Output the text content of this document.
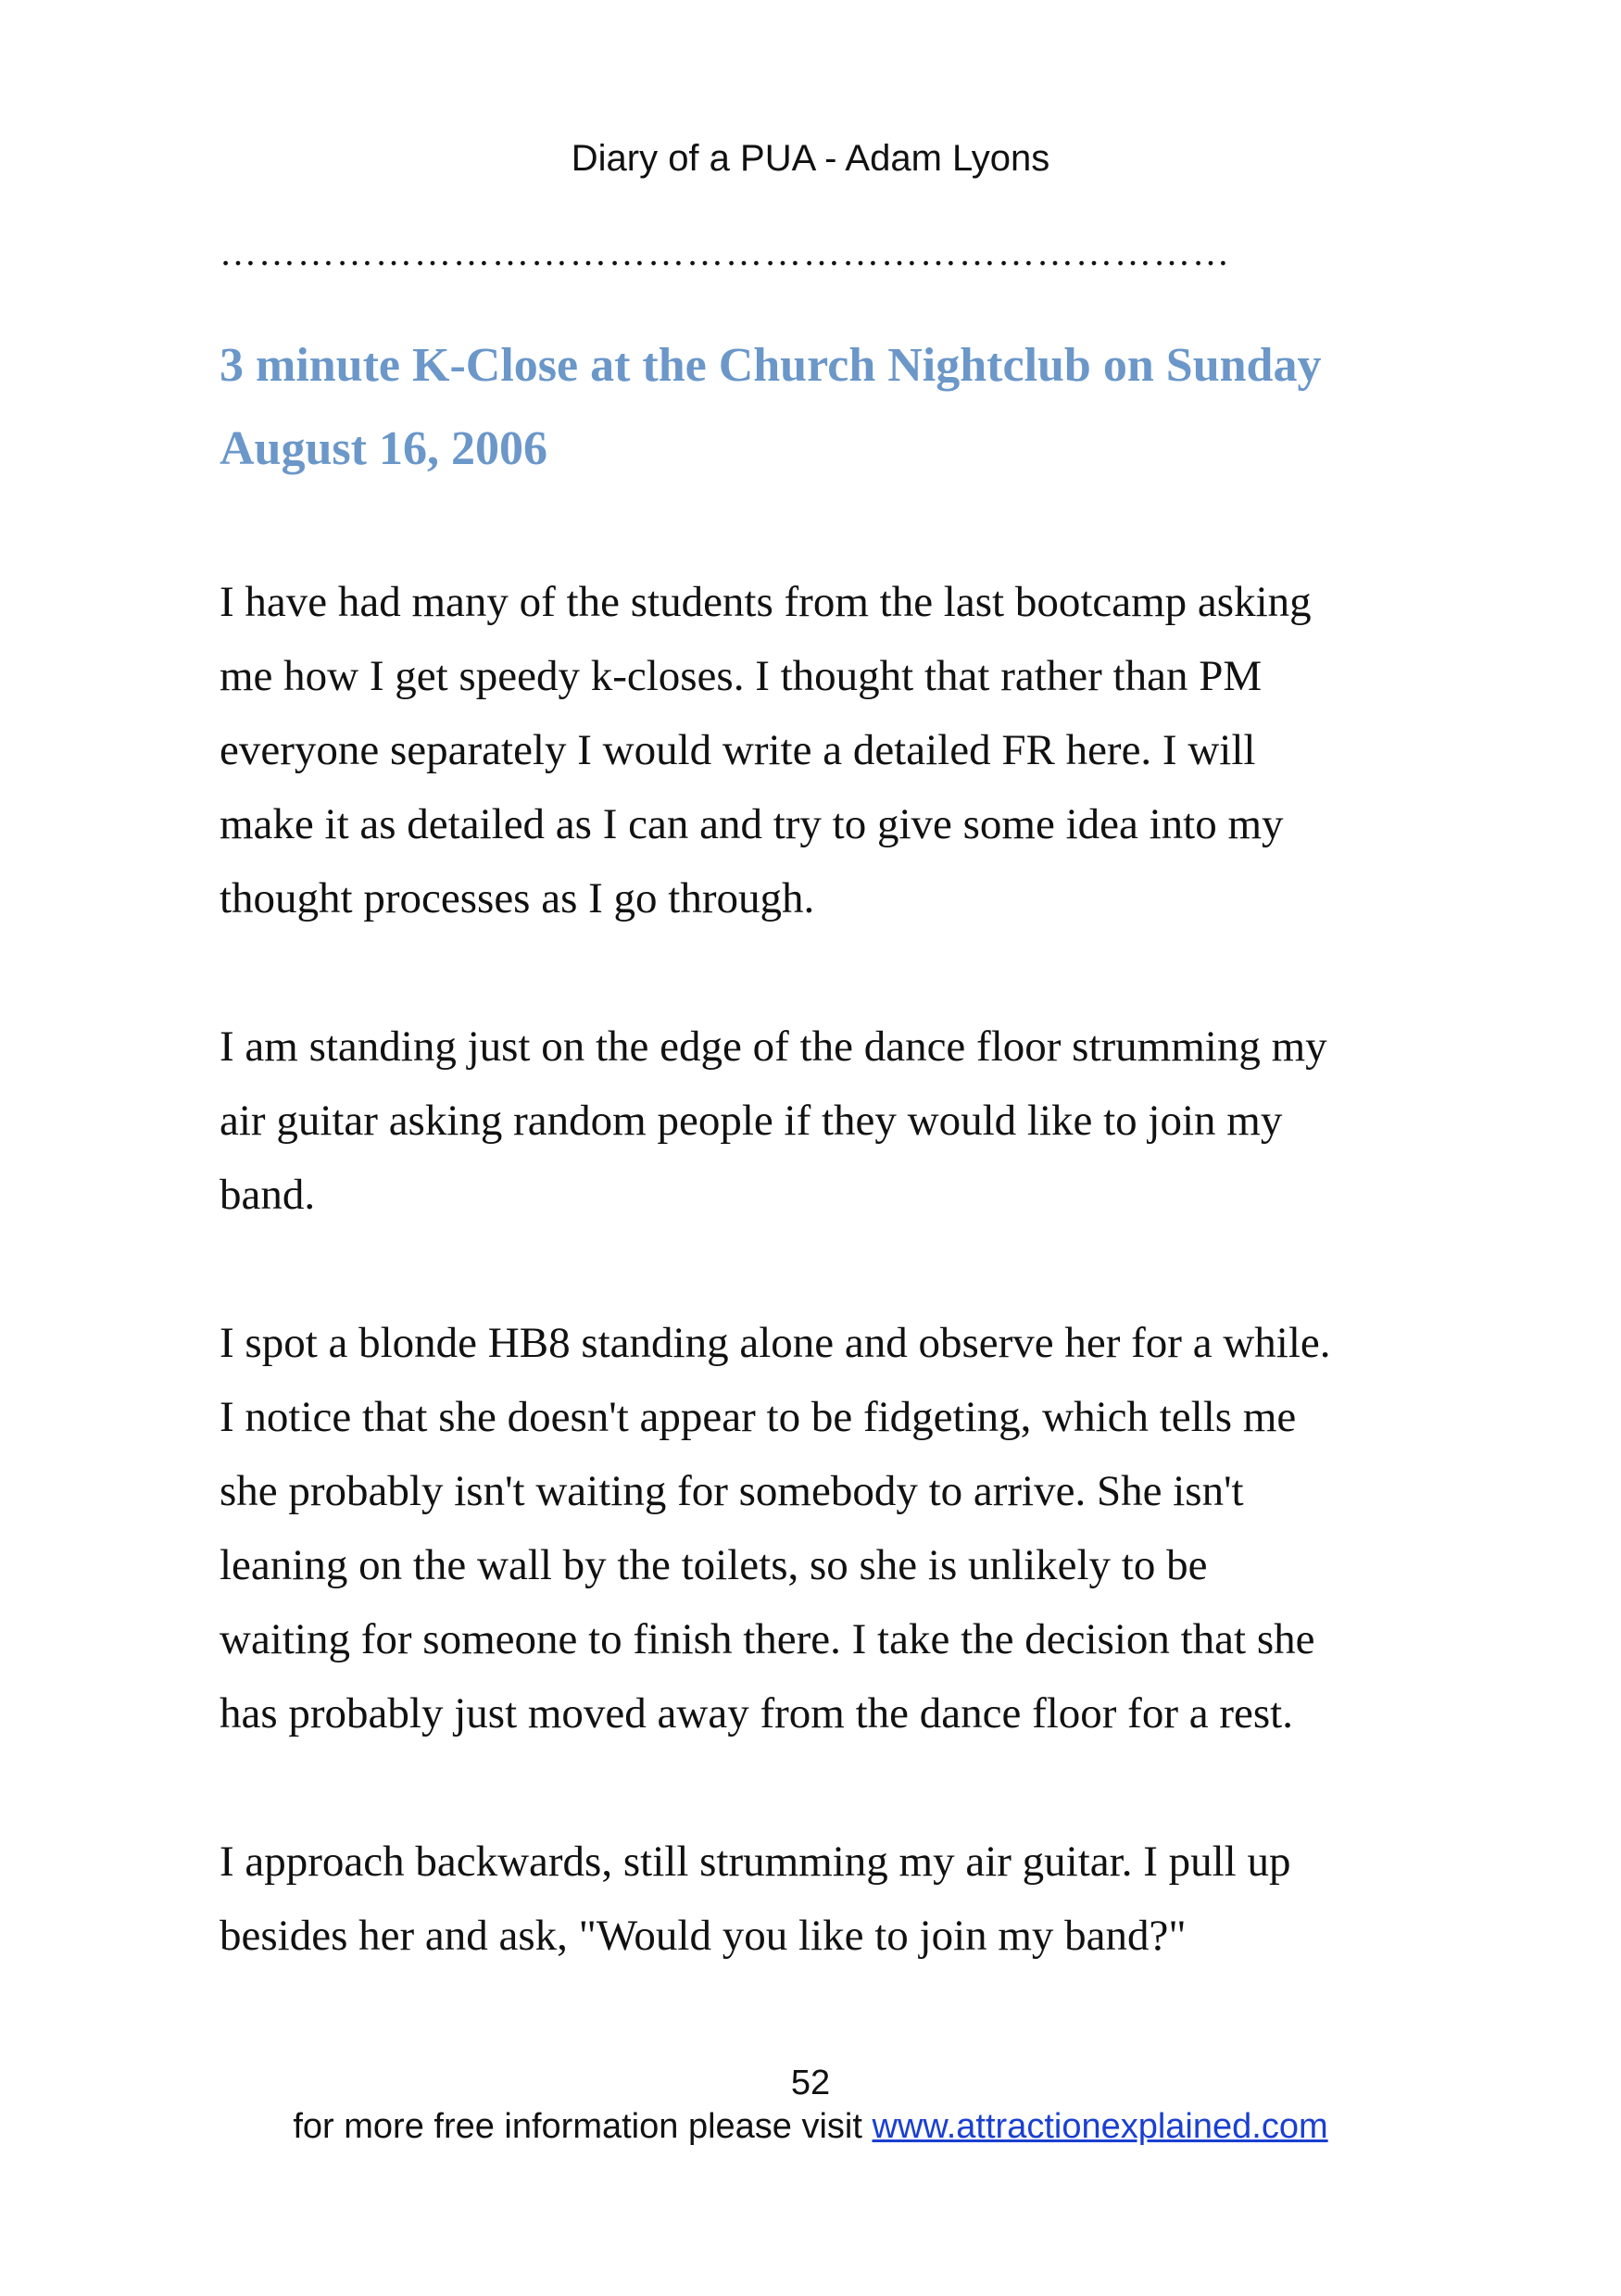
Diary of a PUA - Adam Lyons
……………………………………………………………………
3 minute K-Close at the Church Nightclub on Sunday
August 16, 2006

I have had many of the students from the last bootcamp asking
me how I get speedy k-closes. I thought that rather than PM
everyone separately I would write a detailed FR here. I will
make it as detailed as I can and try to give some idea into my
thought processes as I go through.

I am standing just on the edge of the dance floor strumming my
air guitar asking random people if they would like to join my
band.

I spot a blonde HB8 standing alone and observe her for a while.
I notice that she doesn't appear to be fidgeting, which tells me
she probably isn't waiting for somebody to arrive. She isn't
leaning on the wall by the toilets, so she is unlikely to be
waiting for someone to finish there. I take the decision that she
has probably just moved away from the dance floor for a rest.

I approach backwards, still strumming my air guitar. I pull up
besides her and ask, "Would you like to join my band?"

52
for more free information please visit www.attractionexplained.com
